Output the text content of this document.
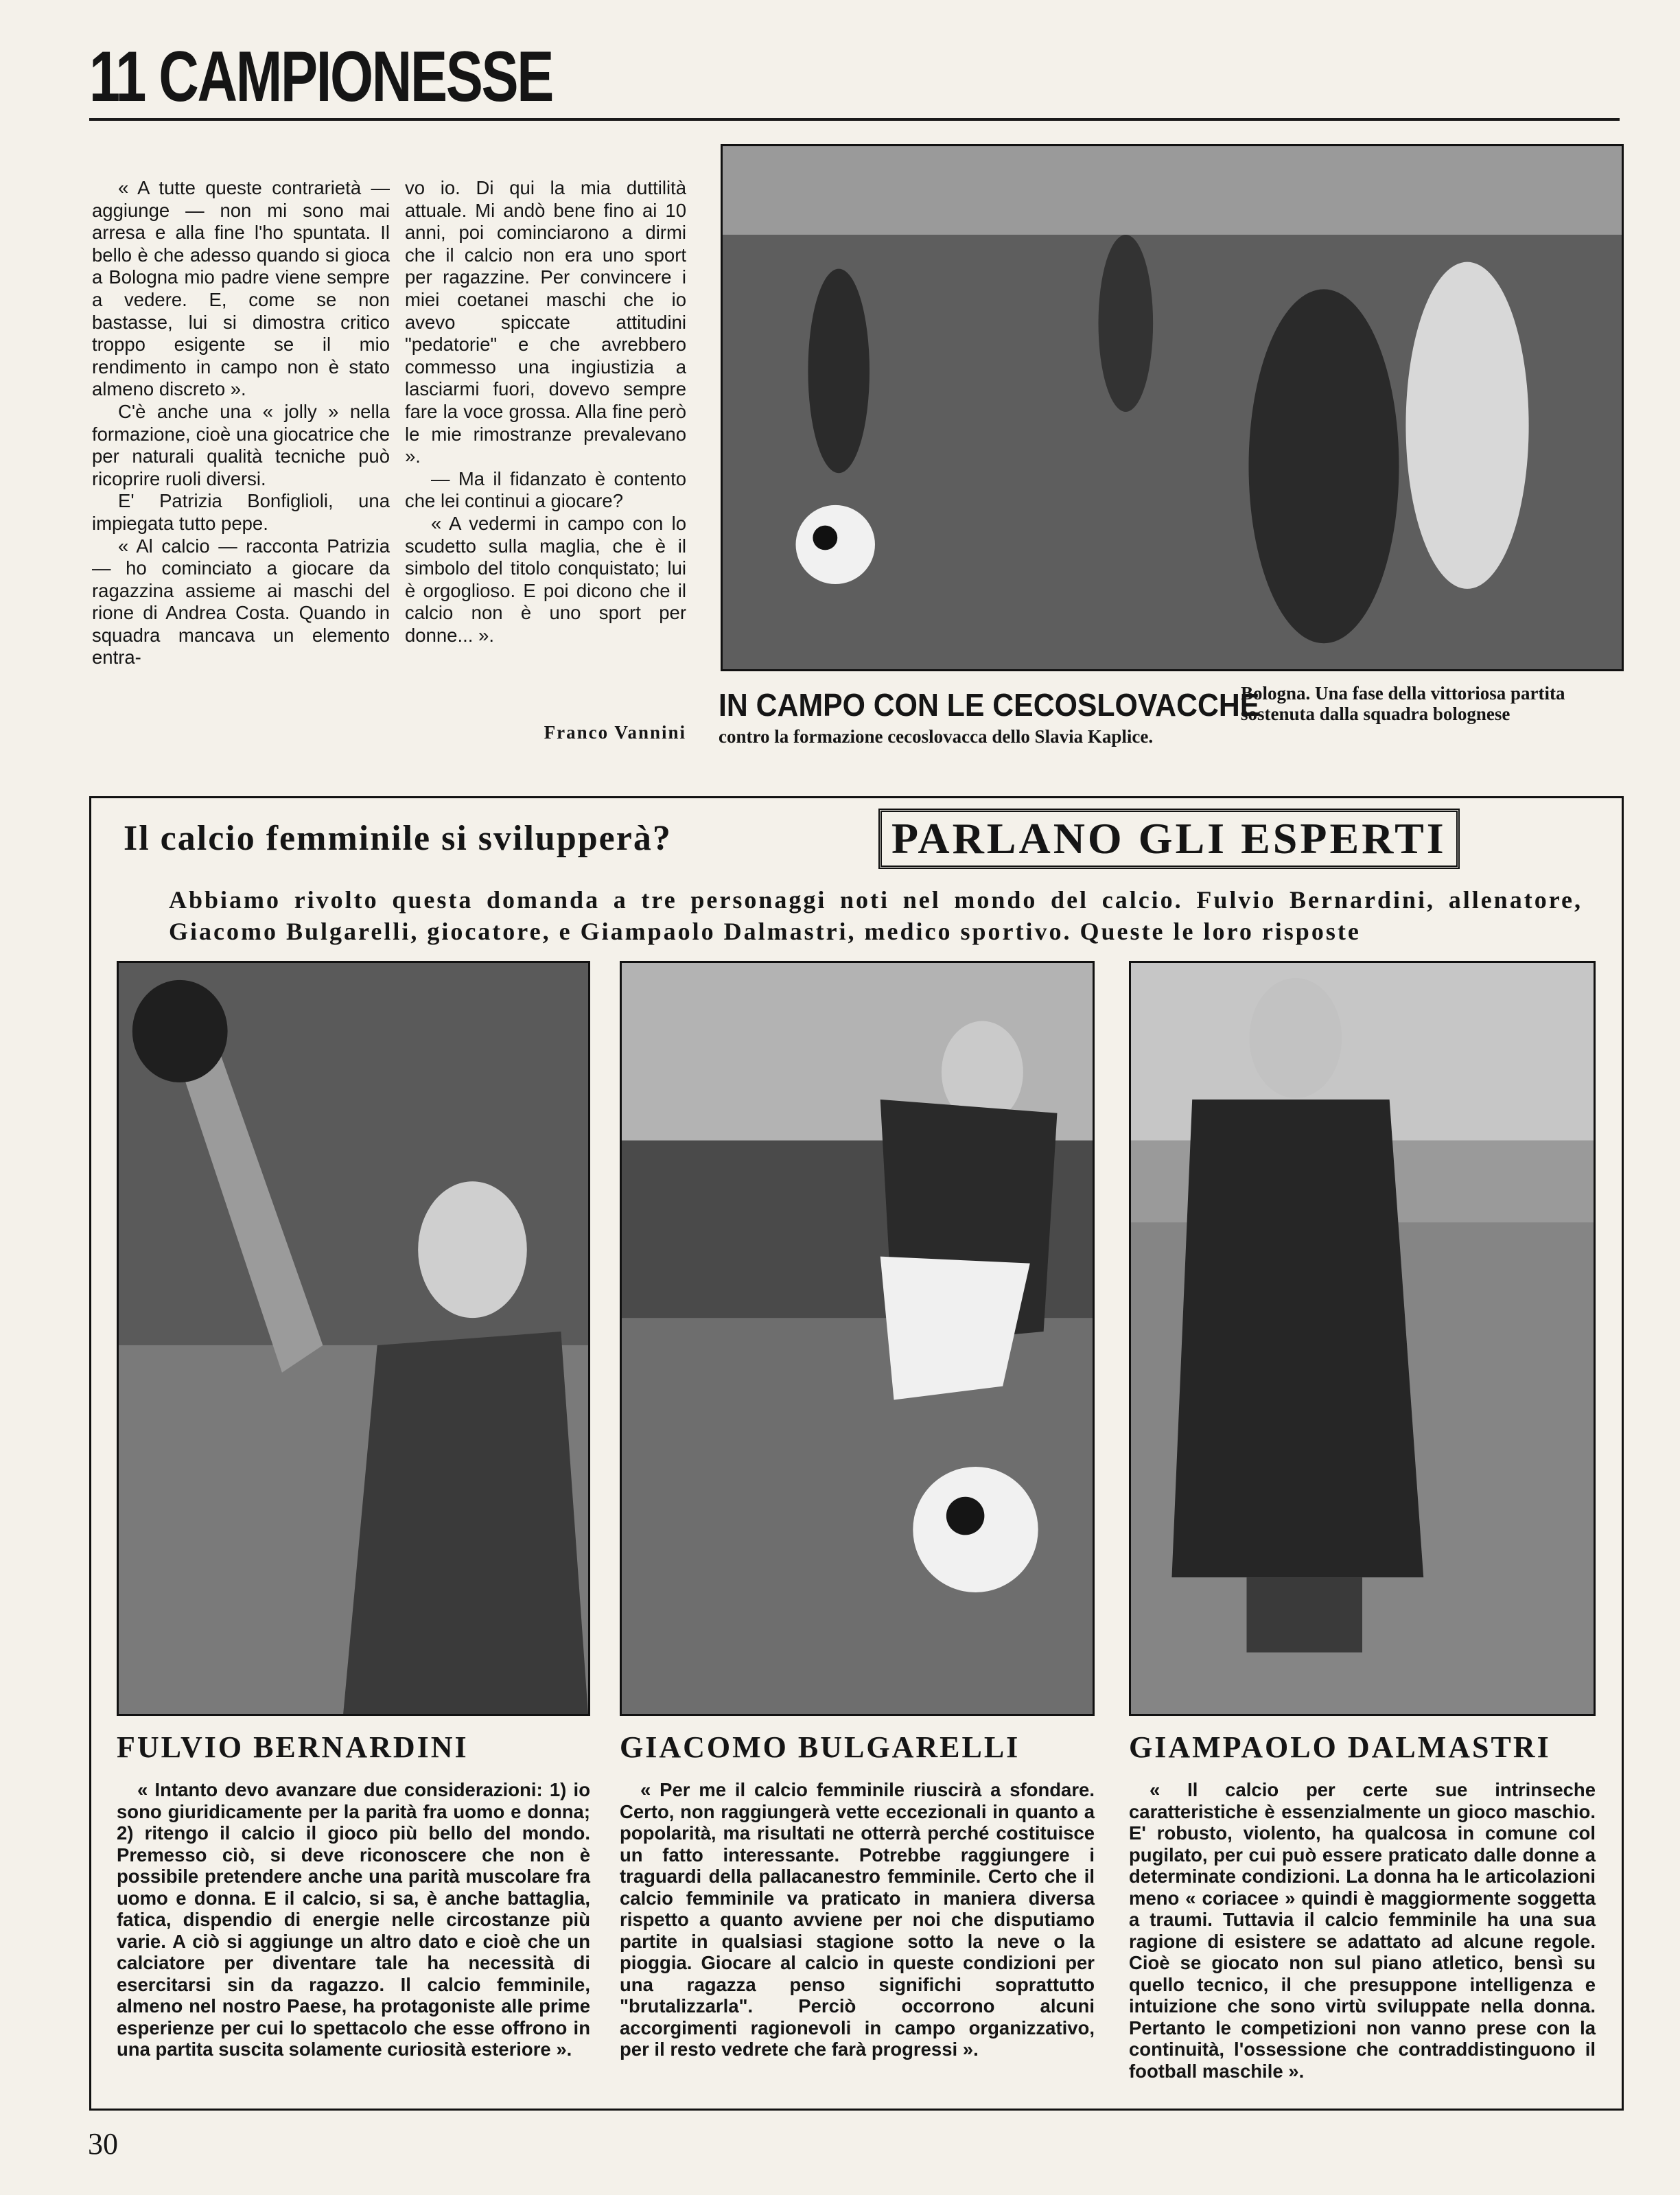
11 CAMPIONESSE

« A tutte queste contrarietà — aggiunge — non mi sono mai arresa e alla fine l'ho spuntata. Il bello è che adesso quando si gioca a Bologna mio padre viene sempre a vedere. E, come se non bastasse, lui si dimostra critico troppo esigente se il mio rendimento in campo non è stato almeno discreto ».

C'è anche una « jolly » nella formazione, cioè una giocatrice che per naturali qualità tecniche può ricoprire ruoli diversi.

E' Patrizia Bonfiglioli, una impiegata tutto pepe.

« Al calcio — racconta Patrizia — ho cominciato a giocare da ragazzina assieme ai maschi del rione di Andrea Costa. Quando in squadra mancava un elemento entra-

vo io. Di qui la mia duttilità attuale. Mi andò bene fino ai 10 anni, poi cominciarono a dirmi che il calcio non era uno sport per ragazzine. Per convincere i miei coetanei maschi che io avevo spiccate attitudini "pedatorie" e che avrebbero commesso una ingiustizia a lasciarmi fuori, dovevo sempre fare la voce grossa. Alla fine però le mie rimostranze prevalevano ».

— Ma il fidanzato è contento che lei continui a giocare?

« A vedermi in campo con lo scudetto sulla maglia, che è il simbolo del titolo conquistato; lui è orgoglioso. E poi dicono che il calcio non è uno sport per donne... ».

Franco Vannini
IN CAMPO CON LE CECOSLOVACCHE
Bologna. Una fase della vittoriosa partita sostenuta dalla squadra bolognese
contro la formazione cecoslovacca dello Slavia Kaplice.
Il calcio femminile si svilupperà?	PARLANO GLI ESPERTI
Abbiamo rivolto questa domanda a tre personaggi noti nel mondo del calcio. Fulvio Bernardini, allenatore, Giacomo Bulgarelli, giocatore, e Giampaolo Dalmastri, medico sportivo. Queste le loro risposte
FULVIO BERNARDINI	GIACOMO BULGARELLI	GIAMPAOLO DALMASTRI

« Intanto devo avanzare due considerazioni: 1) io sono giuridicamente per la parità fra uomo e donna; 2) ritengo il calcio il gioco più bello del mondo. Premesso ciò, si deve riconoscere che non è possibile pretendere anche una parità muscolare fra uomo e donna. E il calcio, si sa, è anche battaglia, fatica, dispendio di energie nelle circostanze più varie. A ciò si aggiunge un altro dato e cioè che un calciatore per diventare tale ha necessità di esercitarsi sin da ragazzo. Il calcio femminile, almeno nel nostro Paese, ha protagoniste alle prime esperienze per cui lo spettacolo che esse offrono in una partita suscita solamente curiosità esteriore ».

« Per me il calcio femminile riuscirà a sfondare. Certo, non raggiungerà vette eccezionali in quanto a popolarità, ma risultati ne otterrà perché costituisce un fatto interessante. Potrebbe raggiungere i traguardi della pallacanestro femminile. Certo che il calcio femminile va praticato in maniera diversa rispetto a quanto avviene per noi che disputiamo partite in qualsiasi stagione sotto la neve o la pioggia. Giocare al calcio in queste condizioni per una ragazza penso significhi soprattutto "brutalizzarla". Perciò occorrono alcuni accorgimenti ragionevoli in campo organizzativo, per il resto vedrete che farà progressi ».

« Il calcio per certe sue intrinseche caratteristiche è essenzialmente un gioco maschio. E' robusto, violento, ha qualcosa in comune col pugilato, per cui può essere praticato dalle donne a determinate condizioni. La donna ha le articolazioni meno « coriacee » quindi è maggiormente soggetta a traumi. Tuttavia il calcio femminile ha una sua ragione di esistere se adattato ad alcune regole. Cioè se giocato non sul piano atletico, bensì su quello tecnico, il che presuppone intelligenza e intuizione che sono virtù sviluppate nella donna. Pertanto le competizioni non vanno prese con la continuità, l'ossessione che contraddistinguono il football maschile ».

30
